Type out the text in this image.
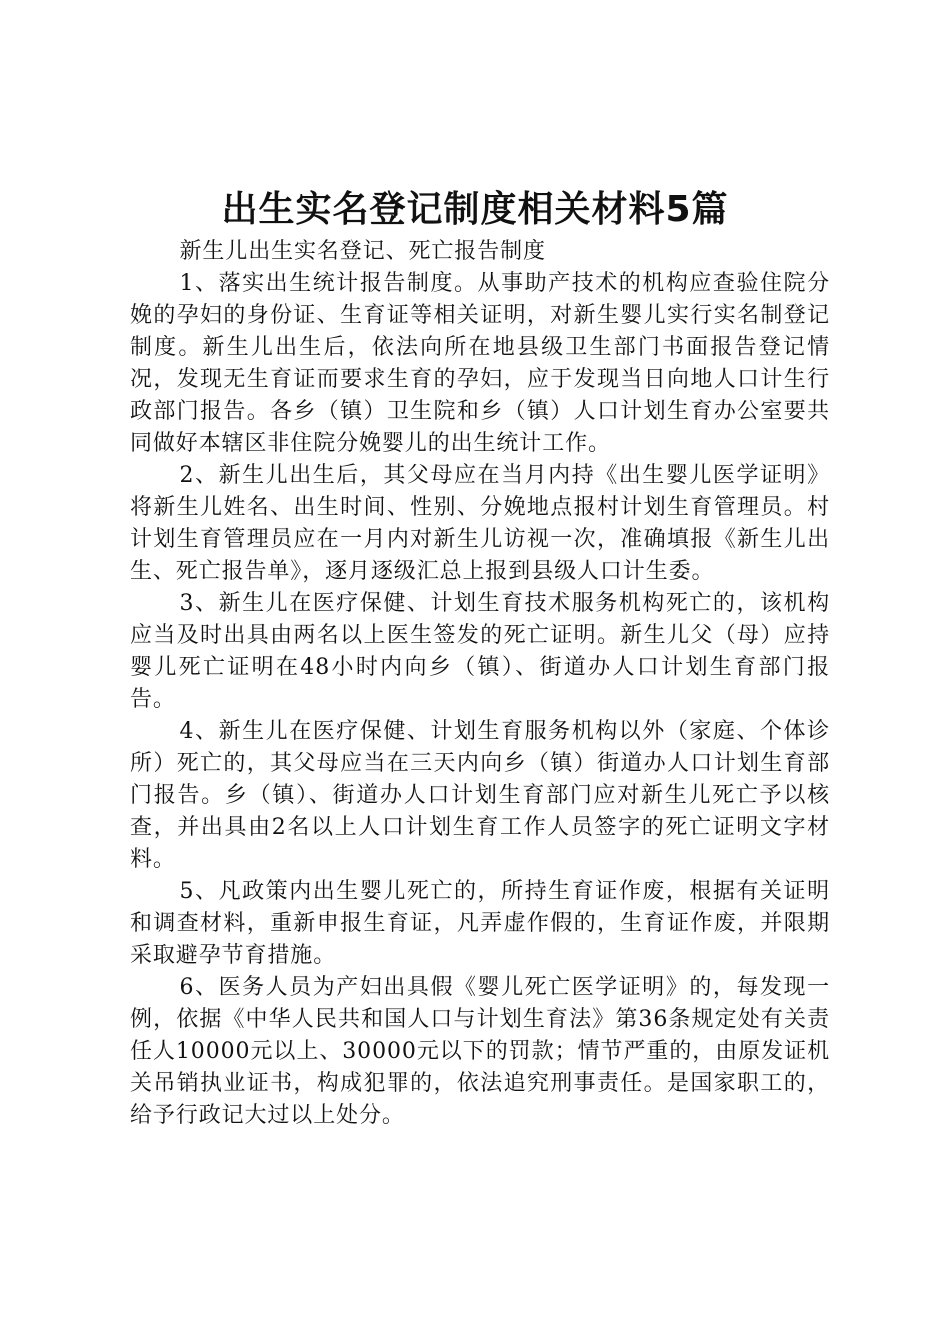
出生实名登记制度相关材料5篇

新生儿出生实名登记、死亡报告制度

1、落实出生统计报告制度。从事助产技术的机构应查验住院分娩的孕妇的身份证、生育证等相关证明，对新生婴儿实行实名制登记制度。新生儿出生后，依法向所在地县级卫生部门书面报告登记情况，发现无生育证而要求生育的孕妇，应于发现当日向地人口计生行政部门报告。各乡（镇）卫生院和乡（镇）人口计划生育办公室要共同做好本辖区非住院分娩婴儿的出生统计工作。

2、新生儿出生后，其父母应在当月内持《出生婴儿医学证明》将新生儿姓名、出生时间、性别、分娩地点报村计划生育管理员。村计划生育管理员应在一月内对新生儿访视一次，准确填报《新生儿出生、死亡报告单》，逐月逐级汇总上报到县级人口计生委。

3、新生儿在医疗保健、计划生育技术服务机构死亡的，该机构应当及时出具由两名以上医生签发的死亡证明。新生儿父（母）应持婴儿死亡证明在48小时内向乡（镇）、街道办人口计划生育部门报告。

4、新生儿在医疗保健、计划生育服务机构以外（家庭、个体诊所）死亡的，其父母应当在三天内向乡（镇）街道办人口计划生育部门报告。乡（镇）、街道办人口计划生育部门应对新生儿死亡予以核查，并出具由2名以上人口计划生育工作人员签字的死亡证明文字材料。

5、凡政策内出生婴儿死亡的，所持生育证作废，根据有关证明和调查材料，重新申报生育证，凡弄虚作假的，生育证作废，并限期采取避孕节育措施。

6、医务人员为产妇出具假《婴儿死亡医学证明》的，每发现一例，依据《中华人民共和国人口与计划生育法》第36条规定处有关责任人10000元以上、30000元以下的罚款；情节严重的，由原发证机关吊销执业证书，构成犯罪的，依法追究刑事责任。是国家职工的，给予行政记大过以上处分。
